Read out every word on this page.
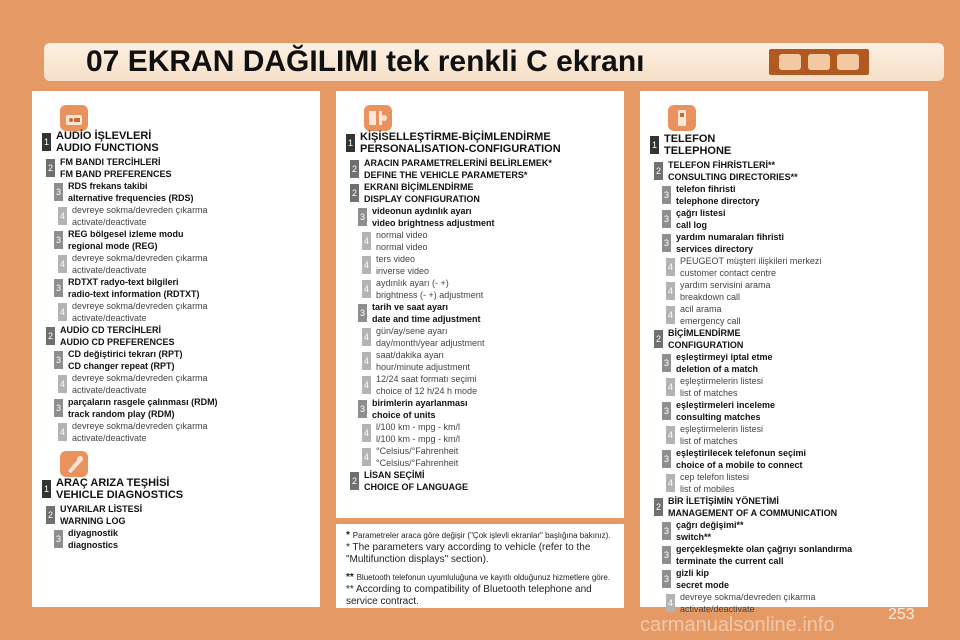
07 EKRAN DAĞILIMI tek renkli C ekranı
1 AUDİO İŞLEVLERİ
AUDIO FUNCTIONS
2
FM BANDI TERCİHLERİ
FM BAND PREFERENCES
3
RDS frekans takibi
alternative frequencies (RDS)
4
devreye sokma/devreden çıkarma
activate/deactivate
3
REG bölgesel izleme modu
regional mode (REG)
4
devreye sokma/devreden çıkarma
activate/deactivate
3
RDTXT radyo-text bilgileri
radio-text information (RDTXT)
4
devreye sokma/devreden çıkarma
activate/deactivate
2
AUDİO CD TERCİHLERİ
AUDIO CD PREFERENCES
3
CD değiştirici tekrarı (RPT)
CD changer repeat (RPT)
4
devreye sokma/devreden çıkarma
activate/deactivate
3
parçaların rasgele çalınması (RDM)
track random play (RDM)
4
devreye sokma/devreden çıkarma
activate/deactivate
1 ARAÇ ARIZA TEŞHİSİ
VEHICLE DIAGNOSTICS
2
UYARILAR LİSTESİ
WARNING LOG
3
diyagnostik
diagnostics
1 KİŞİSELLEŞTİRME-BİÇİMLENDİRME
PERSONALISATION-CONFIGURATION
2
ARACIN PARAMETRELERİNİ BELİRLEMEK*
DEFINE THE VEHICLE PARAMETERS*
2
EKRANI BİÇİMLENDİRME
DISPLAY CONFIGURATION
3
videonun aydınlık ayarı
video brightness adjustment
4
normal video
normal video
4
ters video
inverse video
4
aydınlık ayarı (- +)
brightness (- +) adjustment
3
tarih ve saat ayarı
date and time adjustment
4
gün/ay/sene ayarı
day/month/year adjustment
4
saat/dakika ayarı
hour/minute adjustment
4
12/24 saat formatı seçimi
choice of 12 h/24 h mode
3
birimlerin ayarlanması
choice of units
4
l/100 km - mpg - km/l
l/100 km - mpg - km/l
4
°Celsius/°Fahrenheit
°Celsius/°Fahrenheit
2
LİSAN SEÇİMİ
CHOICE OF LANGUAGE
* Parametreler araca göre değişir ("Çok işlevli ekranlar" başlığına bakınız).
* The parameters vary according to vehicle (refer to the "Multifunction displays" section).
** Bluetooth telefonun uyumluluğuna ve kayıtlı olduğunuz hizmetlere göre.
** According to compatibility of Bluetooth telephone and service contract.
1 TELEFON
TELEPHONE
2
TELEFON FİHRİSTLERİ**
CONSULTING DIRECTORIES**
3
telefon fihristi
telephone directory
3
çağrı listesi
call log
3
yardım numaraları fihristi
services directory
4
PEUGEOT müşteri ilişkileri merkezi
customer contact centre
4
yardım servisini arama
breakdown call
4
acil arama
emergency call
2
BİÇİMLENDİRME
CONFIGURATION
3
eşleştirmeyi iptal etme
deletion of a match
4
eşleştirmelerin listesi
list of matches
3
eşleştirmeleri inceleme
consulting matches
4
eşleştirmelerin listesi
list of matches
3
eşleştirilecek telefonun seçimi
choice of a mobile to connect
4
cep telefon listesi
list of mobiles
2
BİR İLETİŞİMİN YÖNETİMİ
MANAGEMENT OF A COMMUNICATION
3
çağrı değişimi**
switch**
3
gerçekleşmekte olan çağrıyı sonlandırma
terminate the current call
3
gizli kip
secret mode
4
devreye sokma/devreden çıkarma
activate/deactivate	253
carmanualsonline.info
